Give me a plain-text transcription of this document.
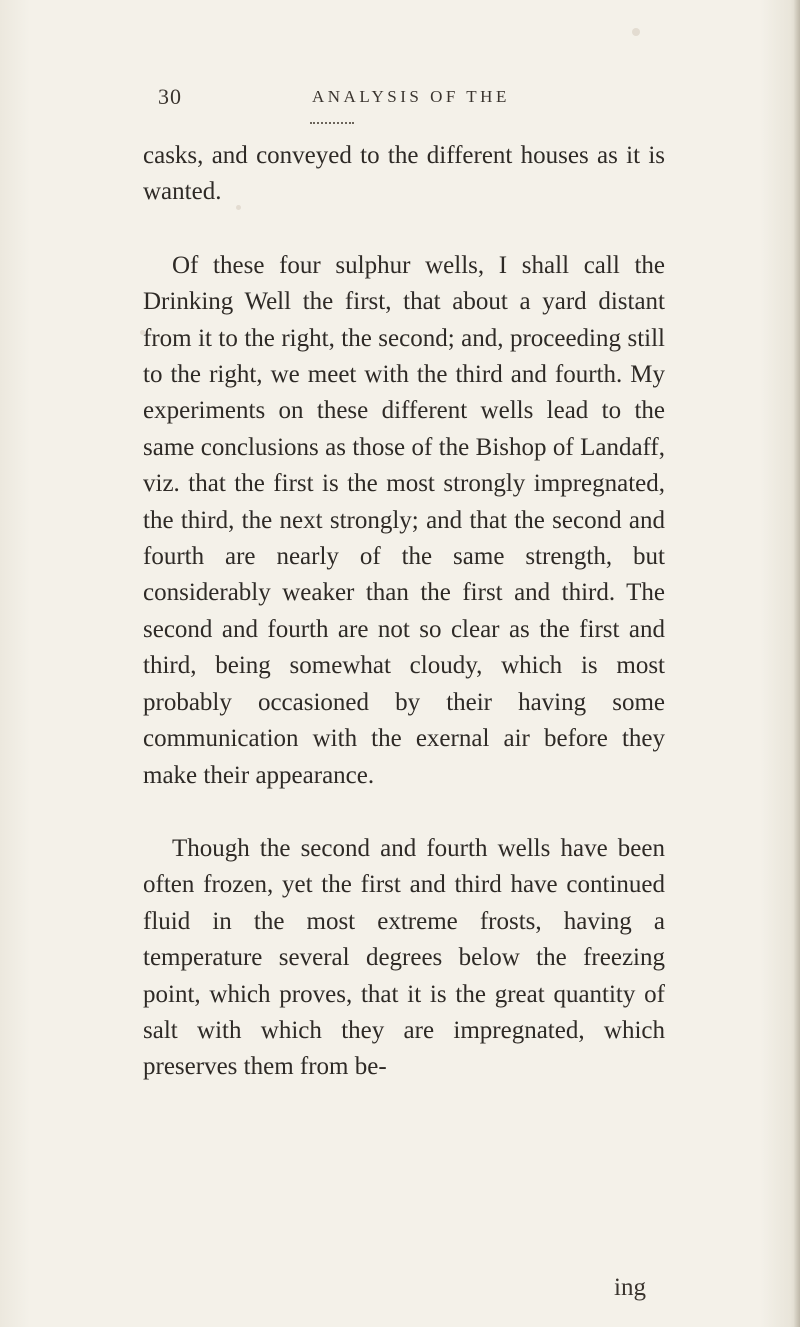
30	ANALYSIS OF THE

casks, and conveyed to the different houses as it is wanted.

Of these four sulphur wells, I shall call the Drinking Well the first, that about a yard distant from it to the right, the second; and, proceeding still to the right, we meet with the third and fourth. My experiments on these different wells lead to the same conclusions as those of the Bishop of Landaff, viz. that the first is the most strongly impregnated, the third, the next strongly; and that the second and fourth are nearly of the same strength, but considerably weaker than the first and third. The second and fourth are not so clear as the first and third, being somewhat cloudy, which is most probably occasioned by their having some communication with the exernal air before they make their appearance.

Though the second and fourth wells have been often frozen, yet the first and third have continued fluid in the most extreme frosts, having a temperature several degrees below the freezing point, which proves, that it is the great quantity of salt with which they are impregnated, which preserves them from be-

ing
